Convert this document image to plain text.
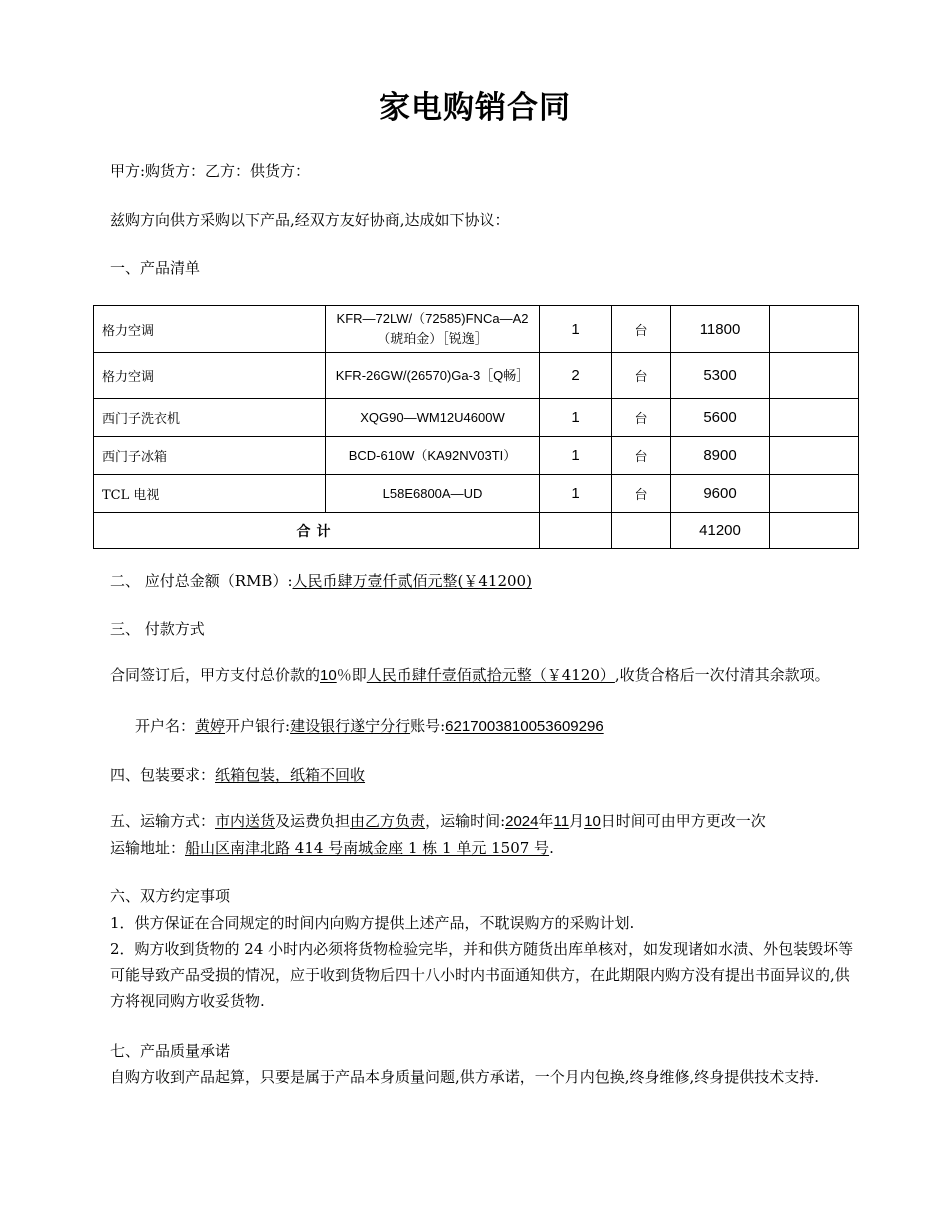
家电购销合同
甲方:购货方：乙方：供货方：
兹购方向供方采购以下产品,经双方友好协商,达成如下协议：
一、产品清单
格力空调	KFR—72LW/（72585)FNCa—A2（琥珀金）［锐逸］	1	台	11800	
格力空调	KFR-26GW/(26570)Ga-3［Q畅］	2	台	5300	
西门子洗衣机	XQG90—WM12U4600W	1	台	5600	
西门子冰箱	BCD-610W（KA92NV03TI）	1	台	8900	
TCL 电视	L58E6800A—UD	1	台	9600	
合计				41200	
二、 应付总金额（RMB）:人民币肆万壹仟贰佰元整(￥41200)
三、 付款方式
合同签订后，甲方支付总价款的10％即人民币肆仟壹佰贰拾元整（￥4120）,收货合格后一次付清其余款项。
开户名：黄婷开户银行:建设银行遂宁分行账号:6217003810053609296
四、包装要求：纸箱包装，纸箱不回收
五、运输方式：市内送货及运费负担由乙方负责，运输时间:2024年11月10日时间可由甲方更改一次
运输地址：船山区南津北路 414 号南城金座 1 栋 1 单元 1507 号.
六、双方约定事项
1．供方保证在合同规定的时间内向购方提供上述产品，不耽误购方的采购计划.
2．购方收到货物的 24 小时内必须将货物检验完毕，并和供方随货出库单核对，如发现诸如水渍、外包装毁坏等可能导致产品受损的情况，应于收到货物后四十八小时内书面通知供方，在此期限内购方没有提出书面异议的,供方将视同购方收妥货物.
七、产品质量承诺
自购方收到产品起算，只要是属于产品本身质量问题,供方承诺，一个月内包换,终身维修,终身提供技术支持.
